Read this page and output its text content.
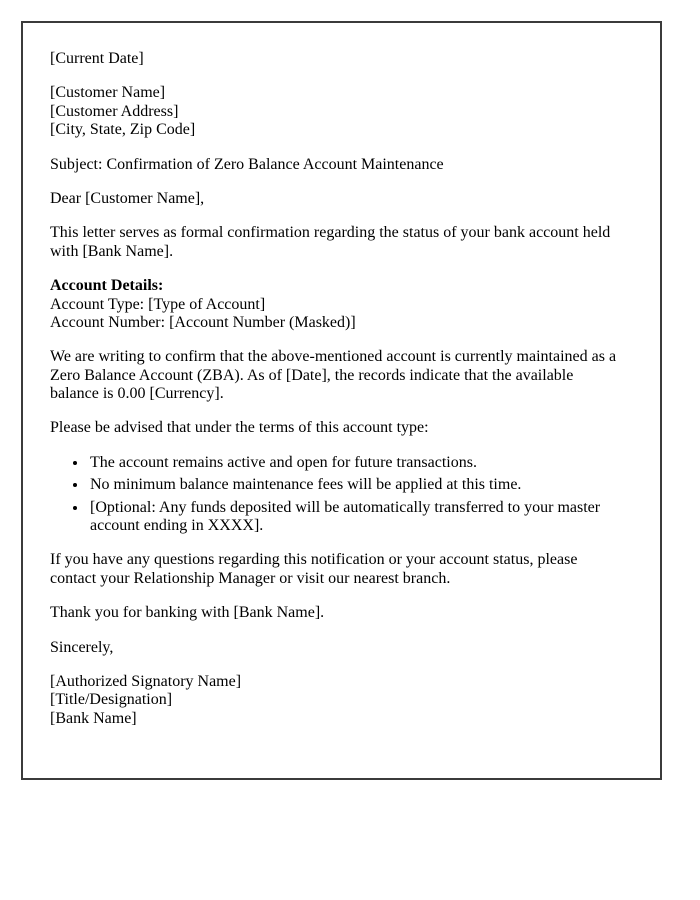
[Current Date]
[Customer Name]
[Customer Address]
[City, State, Zip Code]
Subject: Confirmation of Zero Balance Account Maintenance
Dear [Customer Name],
This letter serves as formal confirmation regarding the status of your bank account held with [Bank Name].
Account Details:
Account Type: [Type of Account]
Account Number: [Account Number (Masked)]
We are writing to confirm that the above-mentioned account is currently maintained as a Zero Balance Account (ZBA). As of [Date], the records indicate that the available balance is 0.00 [Currency].
Please be advised that under the terms of this account type:
• The account remains active and open for future transactions.
• No minimum balance maintenance fees will be applied at this time.
• [Optional: Any funds deposited will be automatically transferred to your master account ending in XXXX].
If you have any questions regarding this notification or your account status, please contact your Relationship Manager or visit our nearest branch.
Thank you for banking with [Bank Name].
Sincerely,
[Authorized Signatory Name]
[Title/Designation]
[Bank Name]
